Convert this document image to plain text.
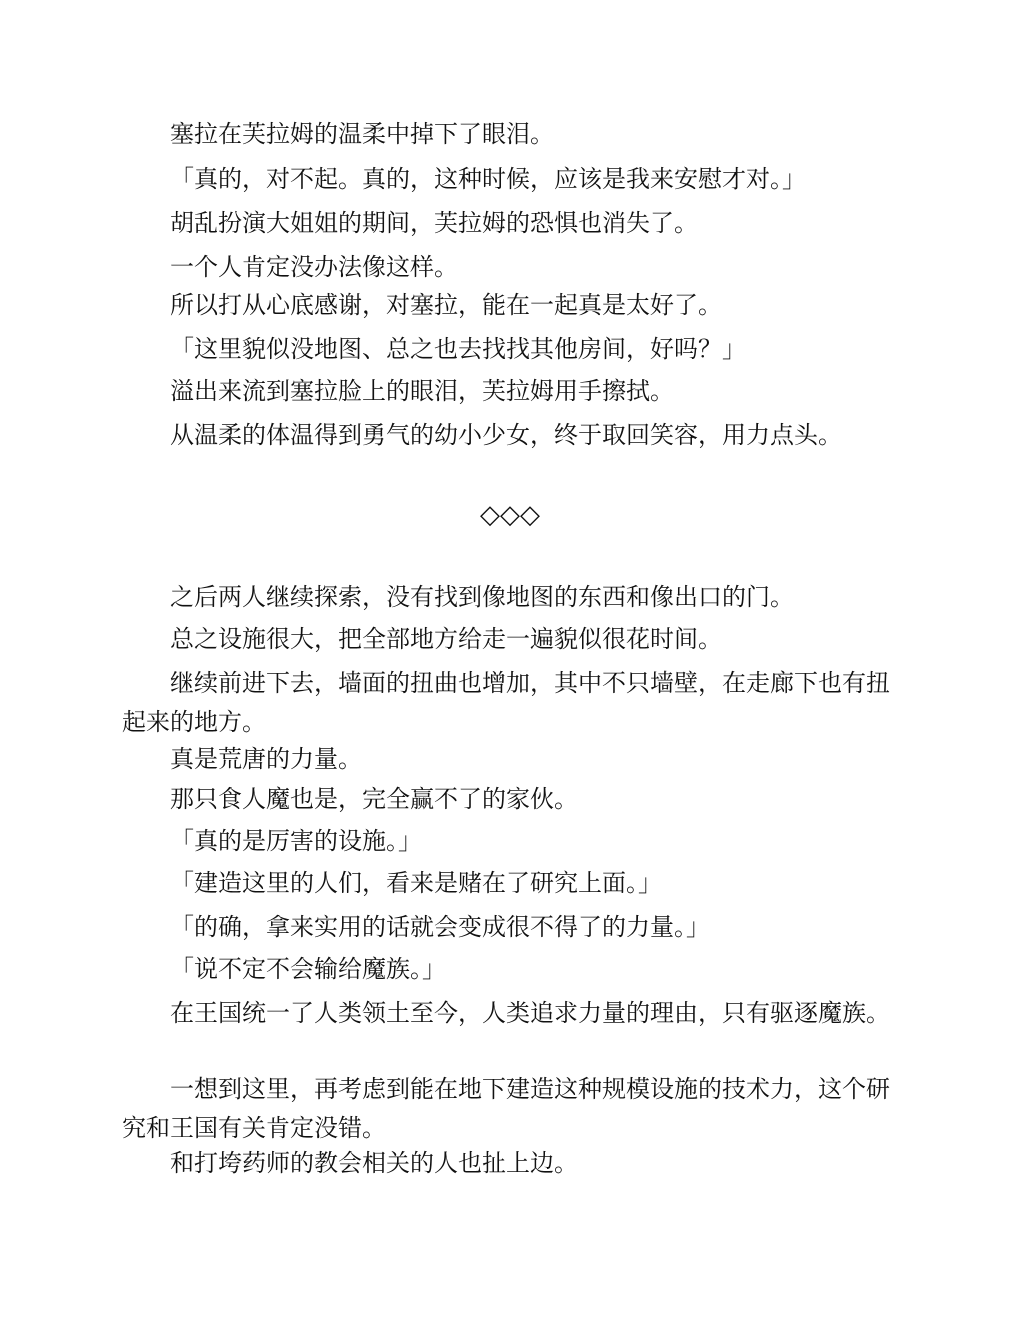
塞拉在芙拉姆的温柔中掉下了眼泪。

「真的，对不起。真的，这种时候，应该是我来安慰才对。」

胡乱扮演大姐姐的期间，芙拉姆的恐惧也消失了。

一个人肯定没办法像这样。

所以打从心底感谢，对塞拉，能在一起真是太好了。

「这里貌似没地图、总之也去找找其他房间，好吗？」

溢出来流到塞拉脸上的眼泪，芙拉姆用手擦拭。

从温柔的体温得到勇气的幼小少女，终于取回笑容，用力点头。

◇◇◇

之后两人继续探索，没有找到像地图的东西和像出口的门。

总之设施很大，把全部地方给走一遍貌似很花时间。

继续前进下去，墙面的扭曲也增加，其中不只墙壁，在走廊下也有扭起来的地方。

真是荒唐的力量。

那只食人魔也是，完全赢不了的家伙。

「真的是厉害的设施。」

「建造这里的人们，看来是赌在了研究上面。」

「的确，拿来实用的话就会变成很不得了的力量。」

「说不定不会输给魔族。」

在王国统一了人类领土至今，人类追求力量的理由，只有驱逐魔族。

一想到这里，再考虑到能在地下建造这种规模设施的技术力，这个研究和王国有关肯定没错。

和打垮药师的教会相关的人也扯上边。
